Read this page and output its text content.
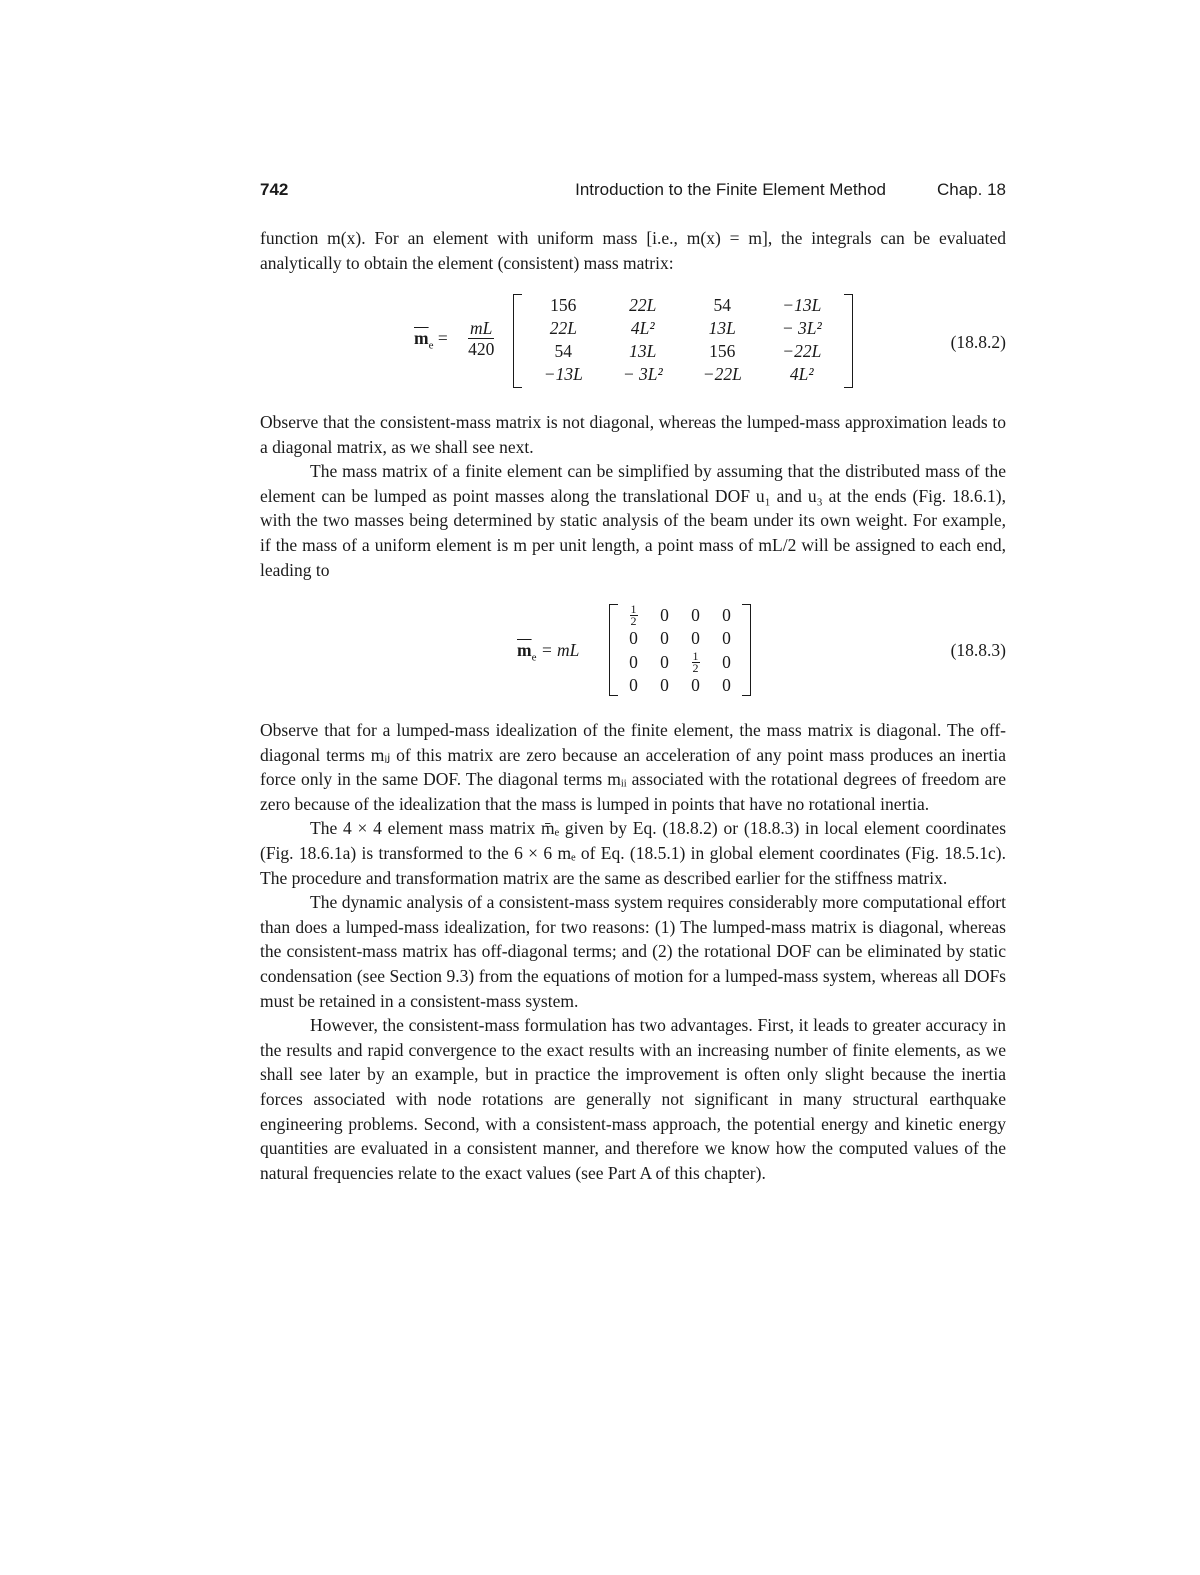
742	Introduction to the Finite Element Method	Chap. 18

function m(x). For an element with uniform mass [i.e., m(x) = m], the integrals can be evaluated analytically to obtain the element (consistent) mass matrix:

$\overline{m}_e = \frac{mL}{420}$
156	22L	54	−13L
22L	4L²	13L	− 3L²
54	13L	156	−22L
−13L	− 3L²	−22L	4L²
(18.8.2)

Observe that the consistent-mass matrix is not diagonal, whereas the lumped-mass approximation leads to a diagonal matrix, as we shall see next.

The mass matrix of a finite element can be simplified by assuming that the distributed mass of the element can be lumped as point masses along the translational DOF u₁ and u₃ at the ends (Fig. 18.6.1), with the two masses being determined by static analysis of the beam under its own weight. For example, if the mass of a uniform element is m per unit length, a point mass of mL/2 will be assigned to each end, leading to

$\overline{m}_e$ = mL
$\frac{1}{2}$	0	0	0
0	0	0	0
0	0	$\frac{1}{2}$	0
0	0	0	0
(18.8.3)

Observe that for a lumped-mass idealization of the finite element, the mass matrix is diagonal. The off-diagonal terms mᵢⱼ of this matrix are zero because an acceleration of any point mass produces an inertia force only in the same DOF. The diagonal terms mᵢᵢ associated with the rotational degrees of freedom are zero because of the idealization that the mass is lumped in points that have no rotational inertia.

The 4 × 4 element mass matrix m̄ₑ given by Eq. (18.8.2) or (18.8.3) in local element coordinates (Fig. 18.6.1a) is transformed to the 6 × 6 mₑ of Eq. (18.5.1) in global element coordinates (Fig. 18.5.1c). The procedure and transformation matrix are the same as described earlier for the stiffness matrix.

The dynamic analysis of a consistent-mass system requires considerably more computational effort than does a lumped-mass idealization, for two reasons: (1) The lumped-mass matrix is diagonal, whereas the consistent-mass matrix has off-diagonal terms; and (2) the rotational DOF can be eliminated by static condensation (see Section 9.3) from the equations of motion for a lumped-mass system, whereas all DOFs must be retained in a consistent-mass system.

However, the consistent-mass formulation has two advantages. First, it leads to greater accuracy in the results and rapid convergence to the exact results with an increasing number of finite elements, as we shall see later by an example, but in practice the improvement is often only slight because the inertia forces associated with node rotations are generally not significant in many structural earthquake engineering problems. Second, with a consistent-mass approach, the potential energy and kinetic energy quantities are evaluated in a consistent manner, and therefore we know how the computed values of the natural frequencies relate to the exact values (see Part A of this chapter).
